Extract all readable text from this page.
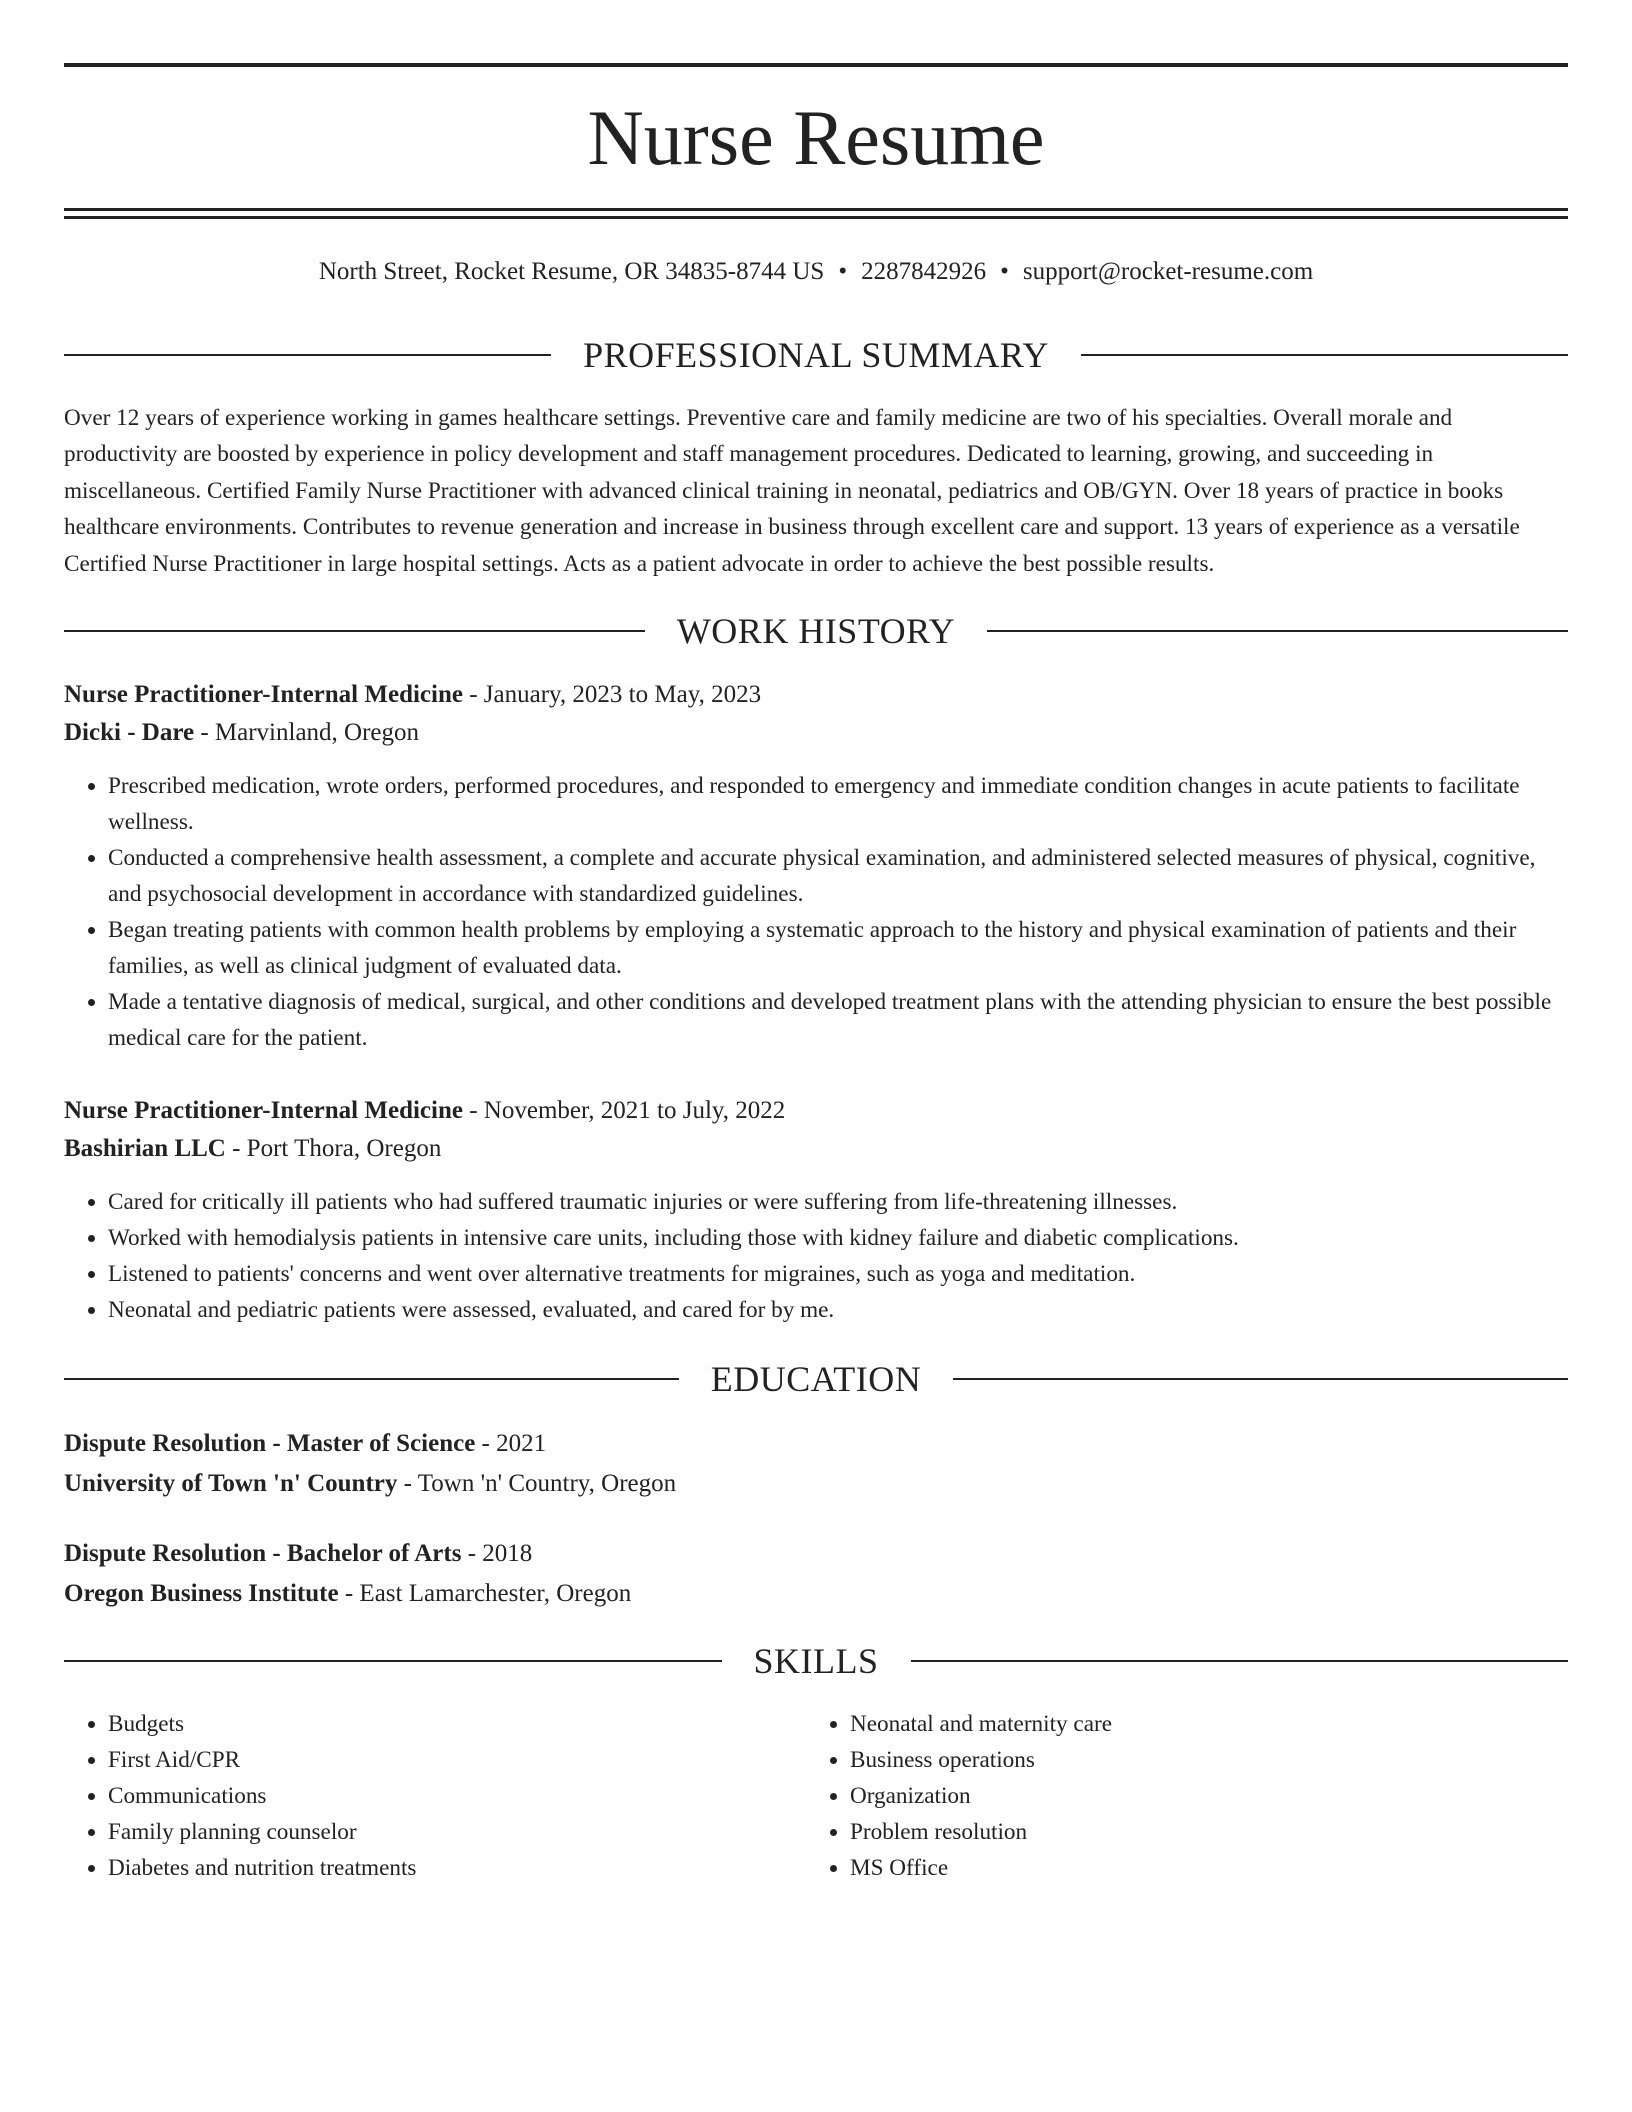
Nurse Resume
North Street, Rocket Resume, OR 34835-8744 US • 2287842926 • support@rocket-resume.com
PROFESSIONAL SUMMARY

Over 12 years of experience working in games healthcare settings. Preventive care and family medicine are two of his specialties. Overall morale and productivity are boosted by experience in policy development and staff management procedures. Dedicated to learning, growing, and succeeding in miscellaneous. Certified Family Nurse Practitioner with advanced clinical training in neonatal, pediatrics and OB/GYN. Over 18 years of practice in books healthcare environments. Contributes to revenue generation and increase in business through excellent care and support. 13 years of experience as a versatile Certified Nurse Practitioner in large hospital settings. Acts as a patient advocate in order to achieve the best possible results.

WORK HISTORY
Nurse Practitioner-Internal Medicine - January, 2023 to May, 2023
Dicki - Dare - Marvinland, Oregon
• Prescribed medication, wrote orders, performed procedures, and responded to emergency and immediate condition changes in acute patients to facilitate wellness.
• Conducted a comprehensive health assessment, a complete and accurate physical examination, and administered selected measures of physical, cognitive, and psychosocial development in accordance with standardized guidelines.
• Began treating patients with common health problems by employing a systematic approach to the history and physical examination of patients and their families, as well as clinical judgment of evaluated data.
• Made a tentative diagnosis of medical, surgical, and other conditions and developed treatment plans with the attending physician to ensure the best possible medical care for the patient.
Nurse Practitioner-Internal Medicine - November, 2021 to July, 2022
Bashirian LLC - Port Thora, Oregon
• Cared for critically ill patients who had suffered traumatic injuries or were suffering from life-threatening illnesses.
• Worked with hemodialysis patients in intensive care units, including those with kidney failure and diabetic complications.
• Listened to patients' concerns and went over alternative treatments for migraines, such as yoga and meditation.
• Neonatal and pediatric patients were assessed, evaluated, and cared for by me.
EDUCATION
Dispute Resolution - Master of Science - 2021
University of Town 'n' Country - Town 'n' Country, Oregon
Dispute Resolution - Bachelor of Arts - 2018
Oregon Business Institute - East Lamarchester, Oregon
SKILLS
• Budgets
• First Aid/CPR
• Communications
• Family planning counselor
• Diabetes and nutrition treatments
• Neonatal and maternity care
• Business operations
• Organization
• Problem resolution
• MS Office
